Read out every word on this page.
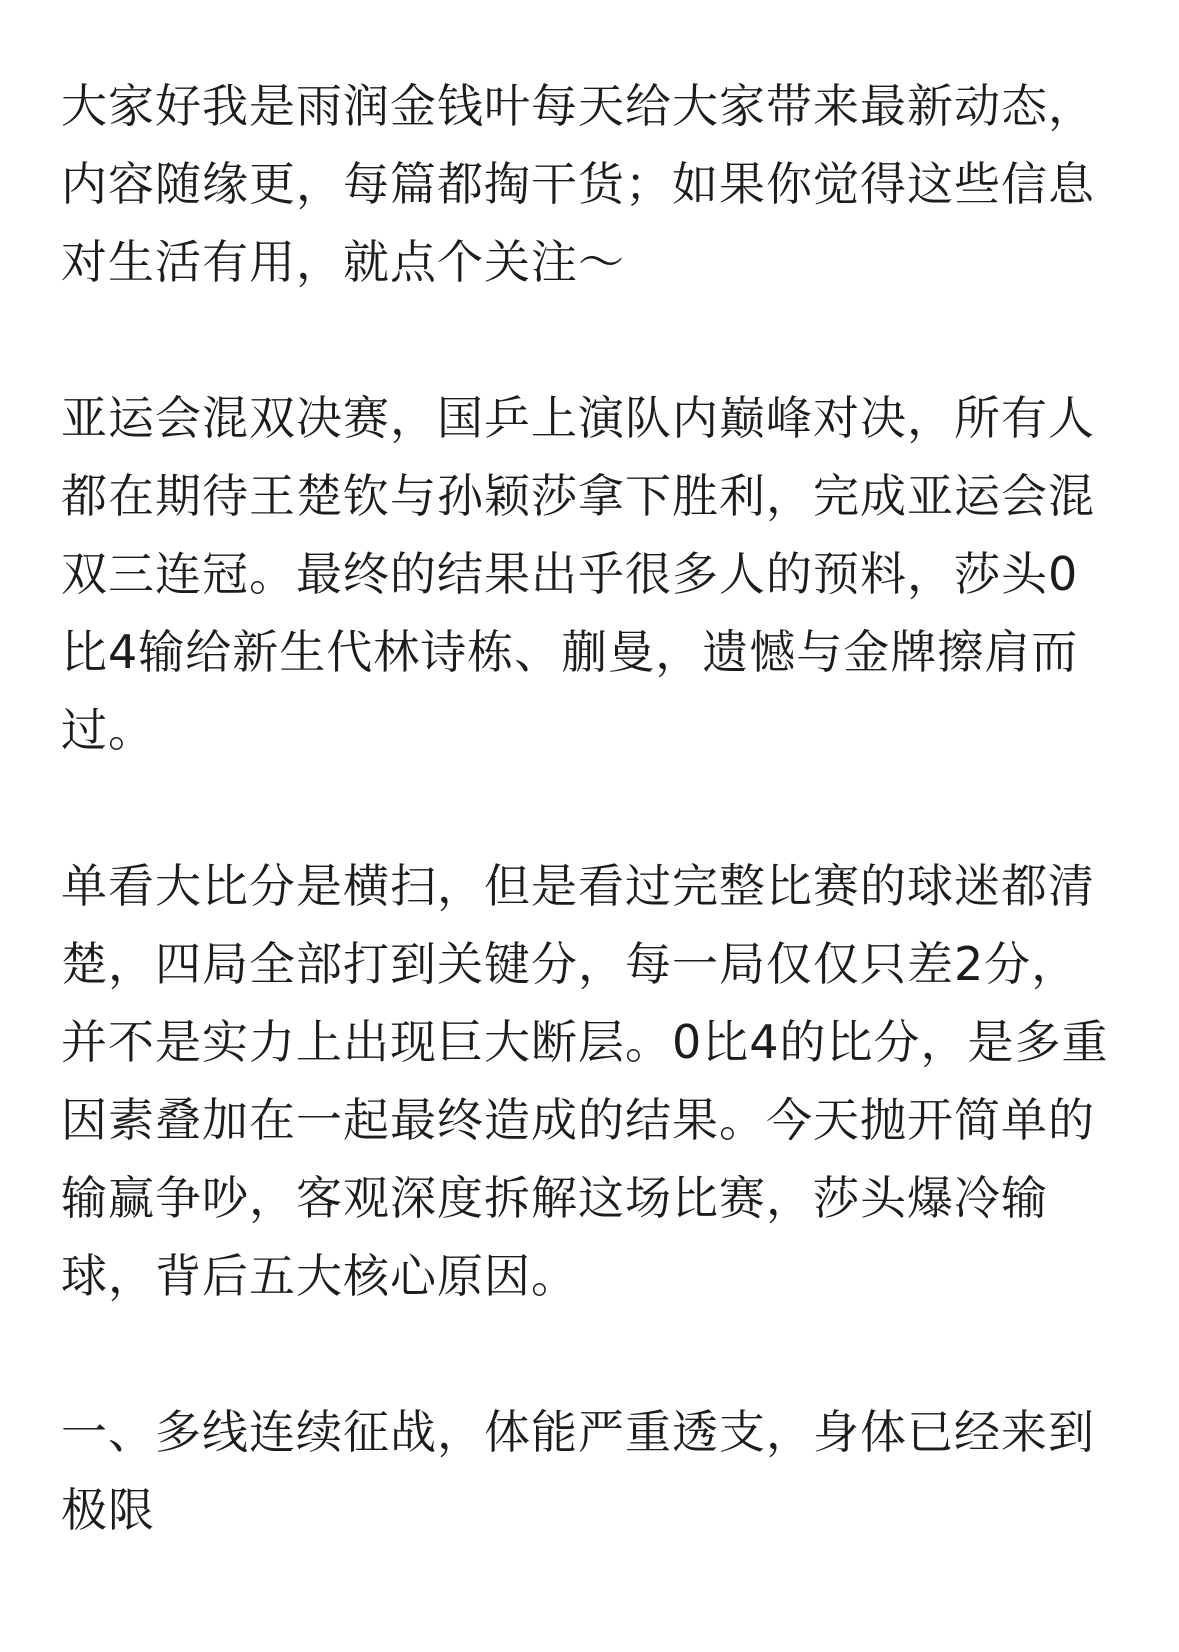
大家好我是雨润金钱叶每天给大家带来最新动态，内容随缘更，每篇都掏干货；如果你觉得这些信息对生活有用，就点个关注～

亚运会混双决赛，国乒上演队内巅峰对决，所有人都在期待王楚钦与孙颖莎拿下胜利，完成亚运会混双三连冠。最终的结果出乎很多人的预料，莎头0比4输给新生代林诗栋、蒯曼，遗憾与金牌擦肩而过。

单看大比分是横扫，但是看过完整比赛的球迷都清楚，四局全部打到关键分，每一局仅仅只差2分，并不是实力上出现巨大断层。0比4的比分，是多重因素叠加在一起最终造成的结果。今天抛开简单的输赢争吵，客观深度拆解这场比赛，莎头爆冷输球，背后五大核心原因。

一、多线连续征战，体能严重透支，身体已经来到极限
